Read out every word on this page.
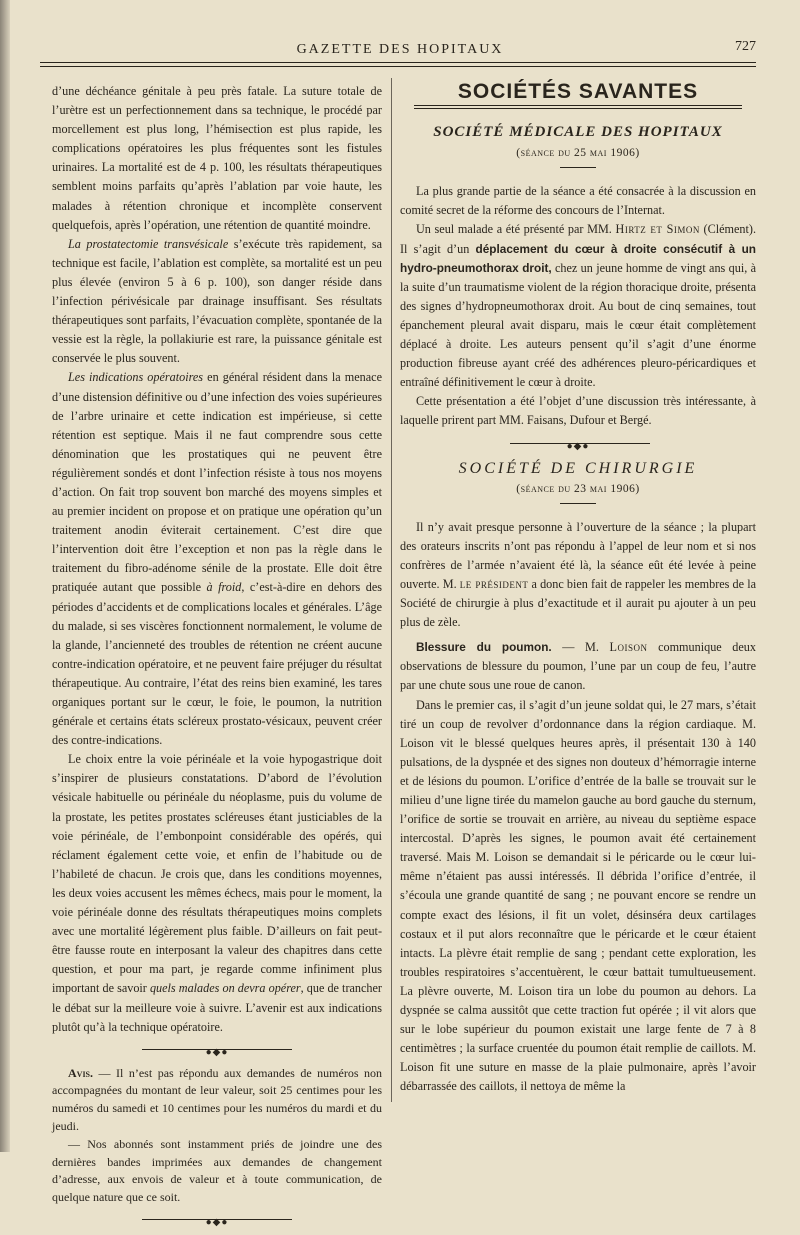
GAZETTE DES HOPITAUX	727

d’une déchéance génitale à peu près fatale. La suture totale de l’urètre est un perfectionnement dans sa technique, le procédé par morcellement est plus long, l’hémisection est plus rapide, les complications opératoires les plus fréquentes sont les fistules urinaires. La mortalité est de 4 p. 100, les résultats thérapeutiques semblent moins parfaits qu’après l’ablation par voie haute, les malades à rétention chronique et incomplète conservent quelquefois, après l’opération, une rétention de quantité moindre.

La prostatectomie transvésicale s’exécute très rapidement, sa technique est facile, l’ablation est complète, sa mortalité est un peu plus élevée (environ 5 à 6 p. 100), son danger réside dans l’infection périvésicale par drainage insuffisant. Ses résultats thérapeutiques sont parfaits, l’évacuation complète, spontanée de la vessie est la règle, la pollakiurie est rare, la puissance génitale est conservée le plus souvent.

Les indications opératoires en général résident dans la menace d’une distension définitive ou d’une infection des voies supérieures de l’arbre urinaire et cette indication est impérieuse, si cette rétention est septique. Mais il ne faut comprendre sous cette dénomination que les prostatiques qui ne peuvent être régulièrement sondés et dont l’infection résiste à tous nos moyens d’action. On fait trop souvent bon marché des moyens simples et au premier incident on propose et on pratique une opération qu’un traitement anodin éviterait certainement. C’est dire que l’intervention doit être l’exception et non pas la règle dans le traitement du fibro-adénome sénile de la prostate. Elle doit être pratiquée autant que possible à froid, c’est-à-dire en dehors des périodes d’accidents et de complications locales et générales. L’âge du malade, si ses viscères fonctionnent normalement, le volume de la glande, l’ancienneté des troubles de rétention ne créent aucune contre-indication opératoire, et ne peuvent faire préjuger du résultat thérapeutique. Au contraire, l’état des reins bien examiné, les tares organiques portant sur le cœur, le foie, le poumon, la nutrition générale et certains états scléreux prostato-vésicaux, peuvent créer des contre-indications.

Le choix entre la voie périnéale et la voie hypogastrique doit s’inspirer de plusieurs constatations. D’abord de l’évolution vésicale habituelle ou périnéale du néoplasme, puis du volume de la prostate, les petites prostates scléreuses étant justiciables de la voie périnéale, de l’embonpoint considérable des opérés, qui réclament également cette voie, et enfin de l’habitude ou de l’habileté de chacun. Je crois que, dans les conditions moyennes, les deux voies accusent les mêmes échecs, mais pour le moment, la voie périnéale donne des résultats thérapeutiques moins complets avec une mortalité légèrement plus faible. D’ailleurs on fait peut-être fausse route en interposant la valeur des chapitres dans cette question, et pour ma part, je regarde comme infiniment plus important de savoir quels malades on devra opérer, que de trancher le débat sur la meilleure voie à suivre. L’avenir est aux indications plutôt qu’à la technique opératoire.

●◆●

Avis. — Il n’est pas répondu aux demandes de numéros non accompagnées du montant de leur valeur, soit 25 centimes pour les numéros du samedi et 10 centimes pour les numéros du mardi et du jeudi.

— Nos abonnés sont instamment priés de joindre une des dernières bandes imprimées aux demandes de changement d’adresse, aux envois de valeur et à toute communication, de quelque nature que ce soit.

●◆●
SOCIÉTÉS SAVANTES
SOCIÉTÉ MÉDICALE DES HOPITAUX
(séance du 25 mai 1906)

La plus grande partie de la séance a été consacrée à la discussion en comité secret de la réforme des concours de l’Internat.

Un seul malade a été présenté par MM. Hirtz et Simon (Clément). Il s’agit d’un déplacement du cœur à droite consécutif à un hydro-pneumothorax droit, chez un jeune homme de vingt ans qui, à la suite d’un traumatisme violent de la région thoracique droite, présenta des signes d’hydropneumothorax droit. Au bout de cinq semaines, tout épanchement pleural avait disparu, mais le cœur était complètement déplacé à droite. Les auteurs pensent qu’il s’agit d’une énorme production fibreuse ayant créé des adhérences pleuro-péricardiques et entraîné définitivement le cœur à droite.

Cette présentation a été l’objet d’une discussion très intéressante, à laquelle prirent part MM. Faisans, Dufour et Bergé.

●◆●
SOCIÉTÉ DE CHIRURGIE
(séance du 23 mai 1906)

Il n’y avait presque personne à l’ouverture de la séance ; la plupart des orateurs inscrits n’ont pas répondu à l’appel de leur nom et si nos confrères de l’armée n’avaient été là, la séance eût été levée à peine ouverte. M. le président a donc bien fait de rappeler les membres de la Société de chirurgie à plus d’exactitude et il aurait pu ajouter à un peu plus de zèle.

Blessure du poumon. — M. Loison communique deux observations de blessure du poumon, l’une par un coup de feu, l’autre par une chute sous une roue de canon.

Dans le premier cas, il s’agit d’un jeune soldat qui, le 27 mars, s’était tiré un coup de revolver d’ordonnance dans la région cardiaque. M. Loison vit le blessé quelques heures après, il présentait 130 à 140 pulsations, de la dyspnée et des signes non douteux d’hémorragie interne et de lésions du poumon. L’orifice d’entrée de la balle se trouvait sur le milieu d’une ligne tirée du mamelon gauche au bord gauche du sternum, l’orifice de sortie se trouvait en arrière, au niveau du septième espace intercostal. D’après les signes, le poumon avait été certainement traversé. Mais M. Loison se demandait si le péricarde ou le cœur lui-même n’étaient pas aussi intéressés. Il débrida l’orifice d’entrée, il s’écoula une grande quantité de sang ; ne pouvant encore se rendre un compte exact des lésions, il fit un volet, désinséra deux cartilages costaux et il put alors reconnaître que le péricarde et le cœur étaient intacts. La plèvre était remplie de sang ; pendant cette exploration, les troubles respiratoires s’accentuèrent, le cœur battait tumultueusement. La plèvre ouverte, M. Loison tira un lobe du poumon au dehors. La dyspnée se calma aussitôt que cette traction fut opérée ; il vit alors que sur le lobe supérieur du poumon existait une large fente de 7 à 8 centimètres ; la surface cruentée du poumon était remplie de caillots. M. Loison fit une suture en masse de la plaie pulmonaire, après l’avoir débarrassée des caillots, il nettoya de même la
